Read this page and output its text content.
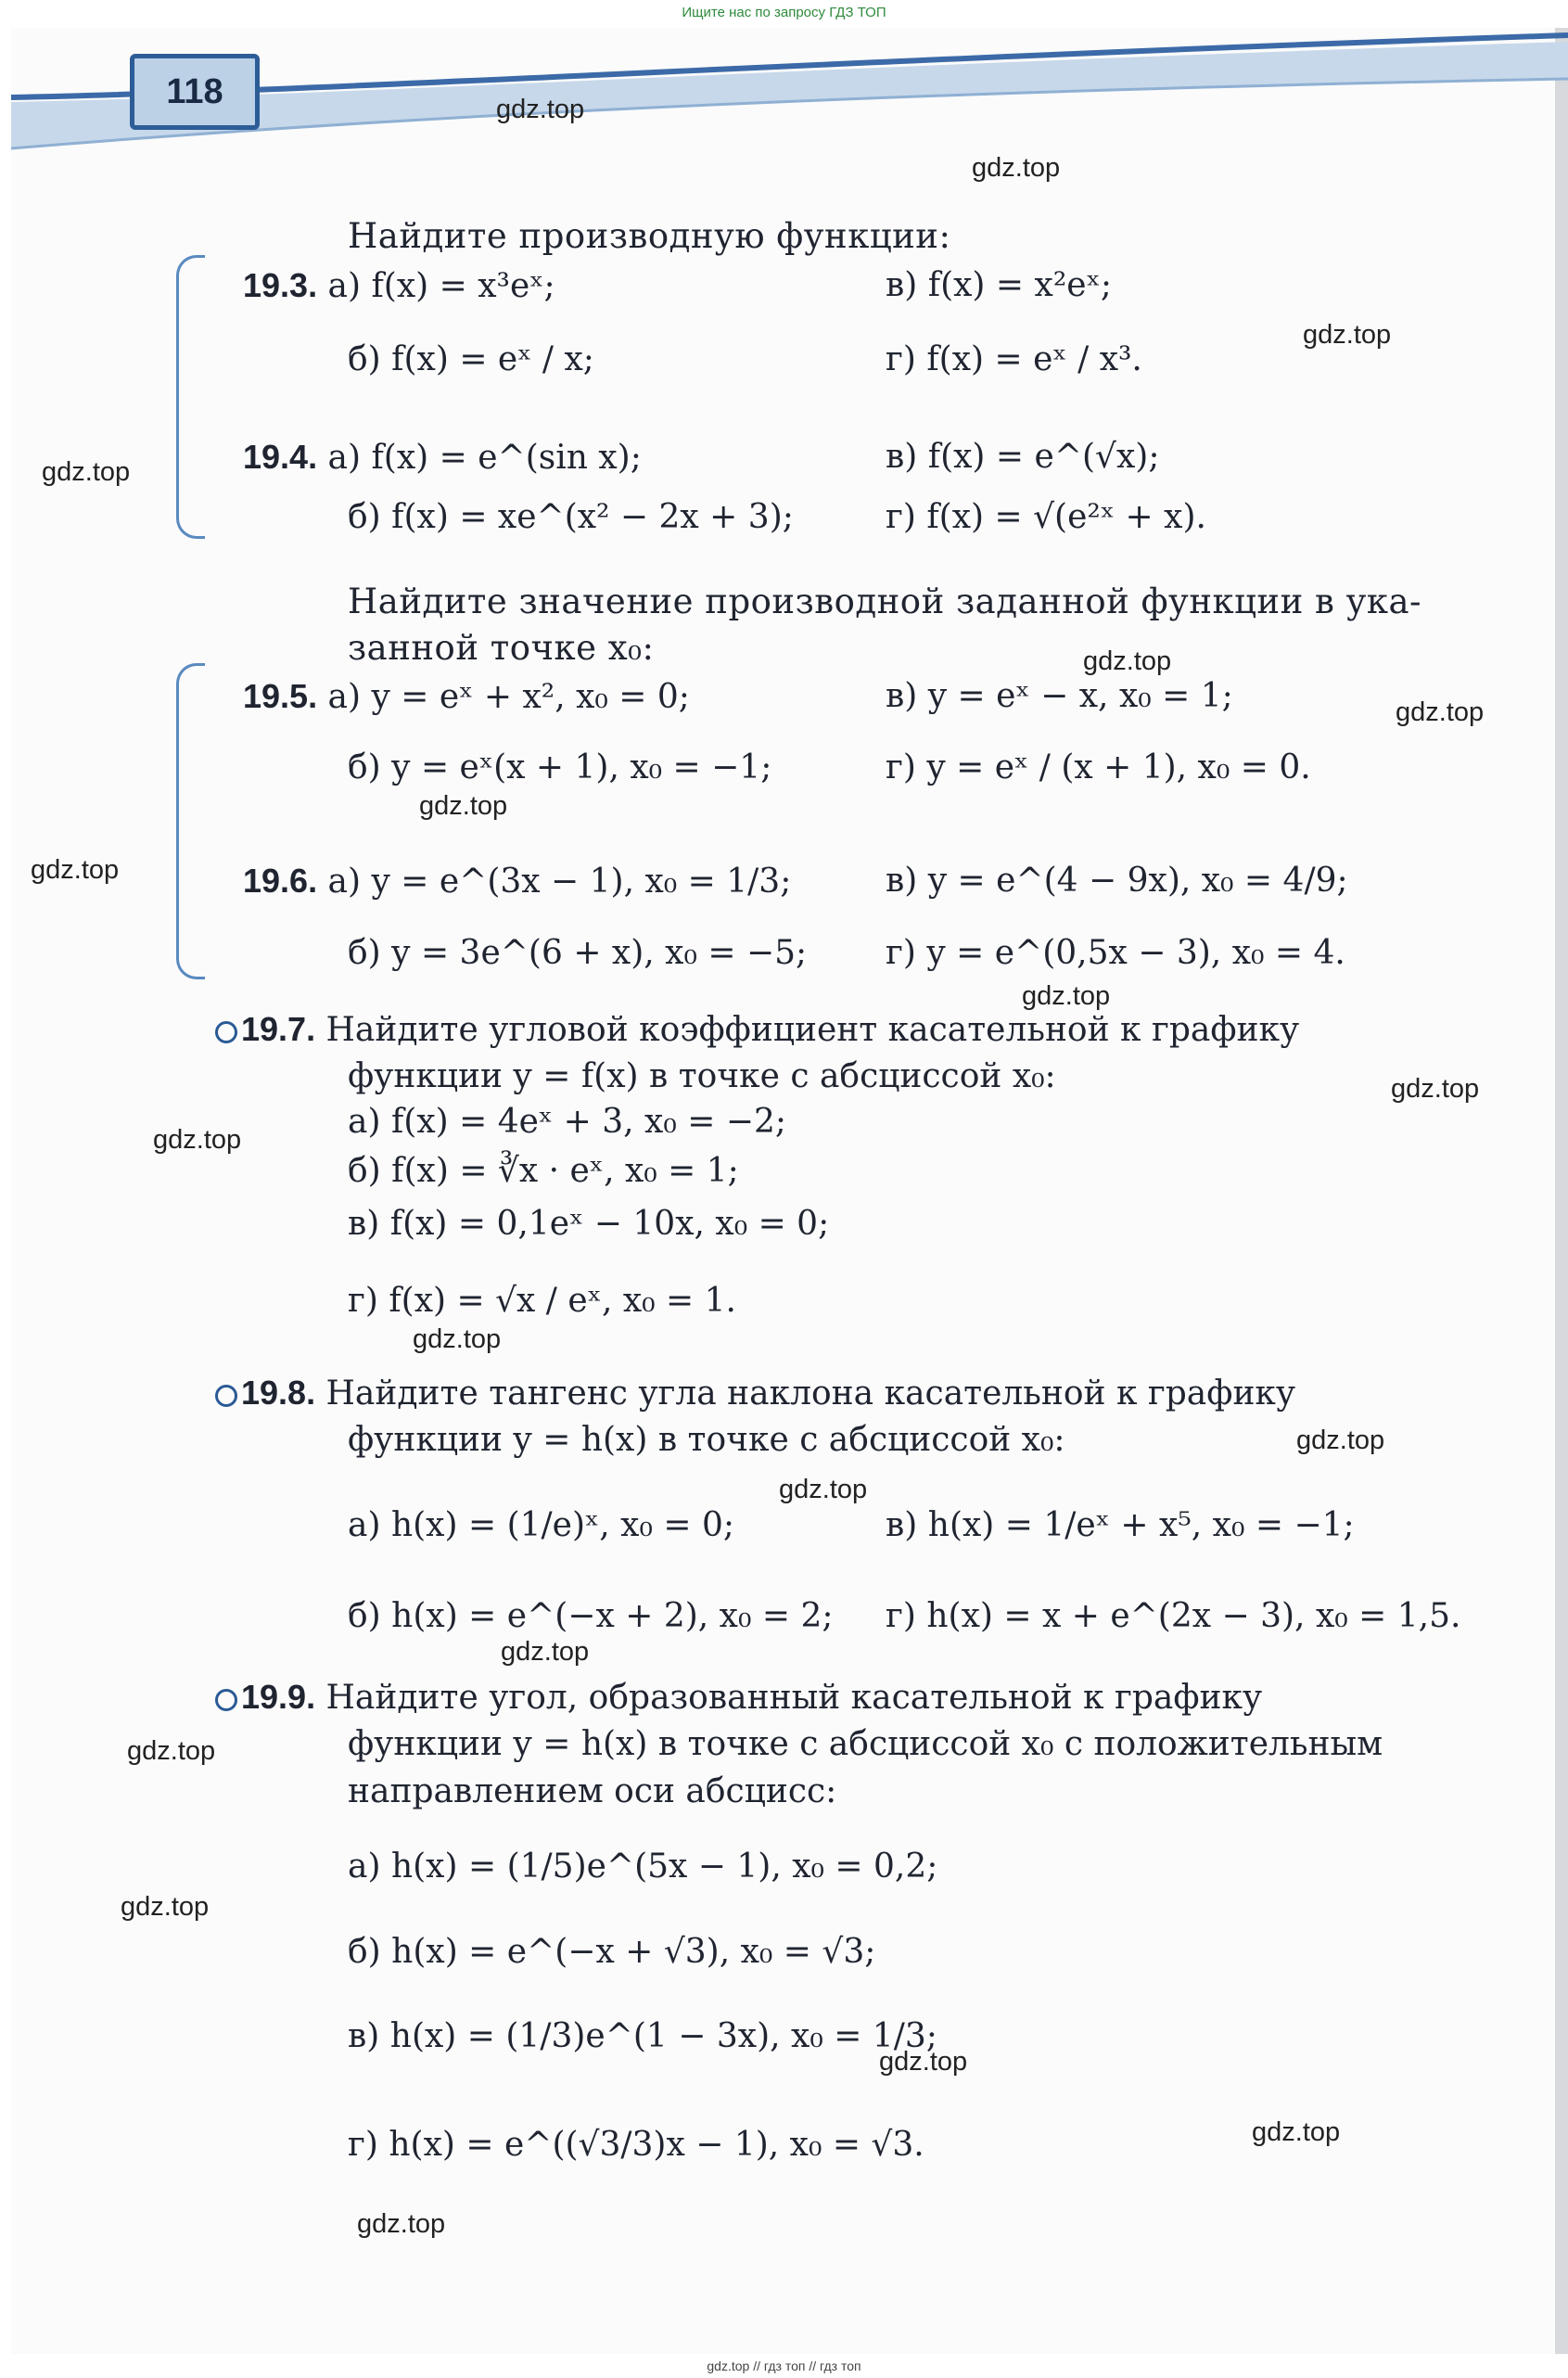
Ищите нас по запросу ГДЗ ТОП
118
Найдите производную функции:
19.3. а) f(x) = x³eˣ;	в) f(x) = x²eˣ;
б) f(x) = eˣ / x;	г) f(x) = eˣ / x³.
19.4. а) f(x) = e^(sin x);	в) f(x) = e^(√x);
б) f(x) = xe^(x² − 2x + 3);	г) f(x) = √(e²ˣ + x).
Найдите значение производной заданной функции в ука-
занной точке x₀:
19.5. а) y = eˣ + x², x₀ = 0;	в) y = eˣ − x, x₀ = 1;
б) y = eˣ(x + 1), x₀ = −1;	г) y = eˣ / (x + 1), x₀ = 0.
19.6. а) y = e^(3x − 1), x₀ = 1/3;	в) y = e^(4 − 9x), x₀ = 4/9;
б) y = 3e^(6 + x), x₀ = −5; г) y = e^(0,5x − 3), x₀ = 4.
19.7. Найдите угловой коэффициент касательной к графику
функции y = f(x) в точке с абсциссой x₀:
а) f(x) = 4eˣ + 3, x₀ = −2;
б) f(x) = ∛x · eˣ, x₀ = 1;
в) f(x) = 0,1eˣ − 10x, x₀ = 0;
г) f(x) = √x / eˣ, x₀ = 1.
19.8. Найдите тангенс угла наклона касательной к графику
функции y = h(x) в точке с абсциссой x₀:
а) h(x) = (1/e)ˣ, x₀ = 0;	в) h(x) = 1/eˣ + x⁵, x₀ = −1;
б) h(x) = e^(−x + 2), x₀ = 2; г) h(x) = x + e^(2x − 3), x₀ = 1,5.
19.9. Найдите угол, образованный касательной к графику
функции y = h(x) в точке с абсциссой x₀ с положительным
направлением оси абсцисс:
а) h(x) = (1/5)e^(5x − 1), x₀ = 0,2;
б) h(x) = e^(−x + √3), x₀ = √3;
в) h(x) = (1/3)e^(1 − 3x), x₀ = 1/3;
г) h(x) = e^((√3/3)x − 1), x₀ = √3.
gdz.top
gdz.top
gdz.top
gdz.top
gdz.top
gdz.top
gdz.top
gdz.top
gdz.top
gdz.top
gdz.top
gdz.top
gdz.top
gdz.top
gdz.top
gdz.top
gdz.top
gdz.top
gdz.top
gdz.top
gdz.top // гдз топ // гдз топ
